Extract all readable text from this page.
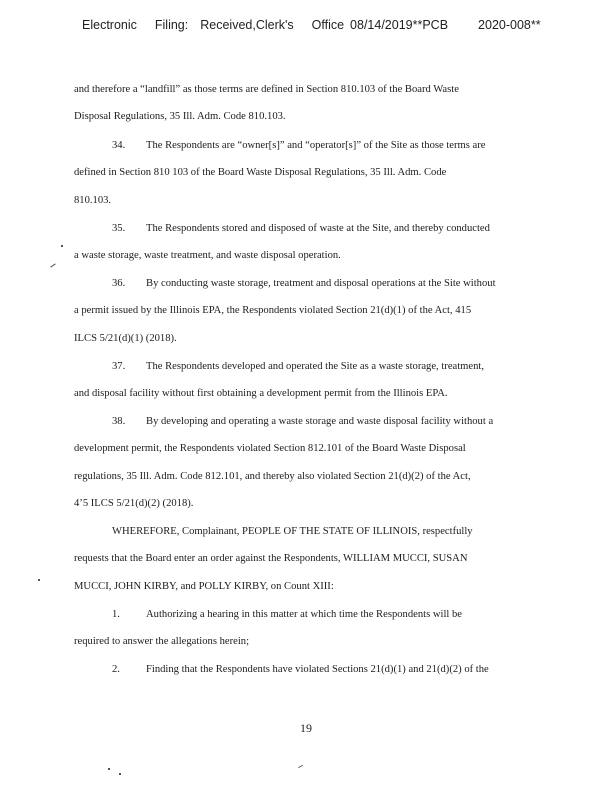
Electronic Filing: Received,Clerk's Office 08/14/2019**PCB 2020-008**
and therefore a “landfill” as those terms are defined in Section 810.103 of the Board Waste
Disposal Regulations, 35 Ill. Adm. Code 810.103.
34. The Respondents are “owner[s]” and “operator[s]” of the Site as those terms are
defined in Section 810 103 of the Board Waste Disposal Regulations, 35 Ill. Adm. Code
810.103.
35. The Respondents stored and disposed of waste at the Site, and thereby conducted
a waste storage, waste treatment, and waste disposal operation.
36. By conducting waste storage, treatment and disposal operations at the Site without
a permit issued by the Illinois EPA, the Respondents violated Section 21(d)(1) of the Act, 415
ILCS 5/21(d)(1) (2018).
37. The Respondents developed and operated the Site as a waste storage, treatment,
and disposal facility without first obtaining a development permit from the Illinois EPA.
38. By developing and operating a waste storage and waste disposal facility without a
development permit, the Respondents violated Section 812.101 of the Board Waste Disposal
regulations, 35 Ill. Adm. Code 812.101, and thereby also violated Section 21(d)(2) of the Act,
4’5 ILCS 5/21(d)(2) (2018).
WHEREFORE, Complainant, PEOPLE OF THE STATE OF ILLINOIS, respectfully
requests that the Board enter an order against the Respondents, WILLIAM MUCCI, SUSAN
MUCCI, JOHN KIRBY, and POLLY KIRBY, on Count XIII:
1. Authorizing a hearing in this matter at which time the Respondents will be
required to answer the allegations herein;
2. Finding that the Respondents have violated Sections 21(d)(1) and 21(d)(2) of the
19
